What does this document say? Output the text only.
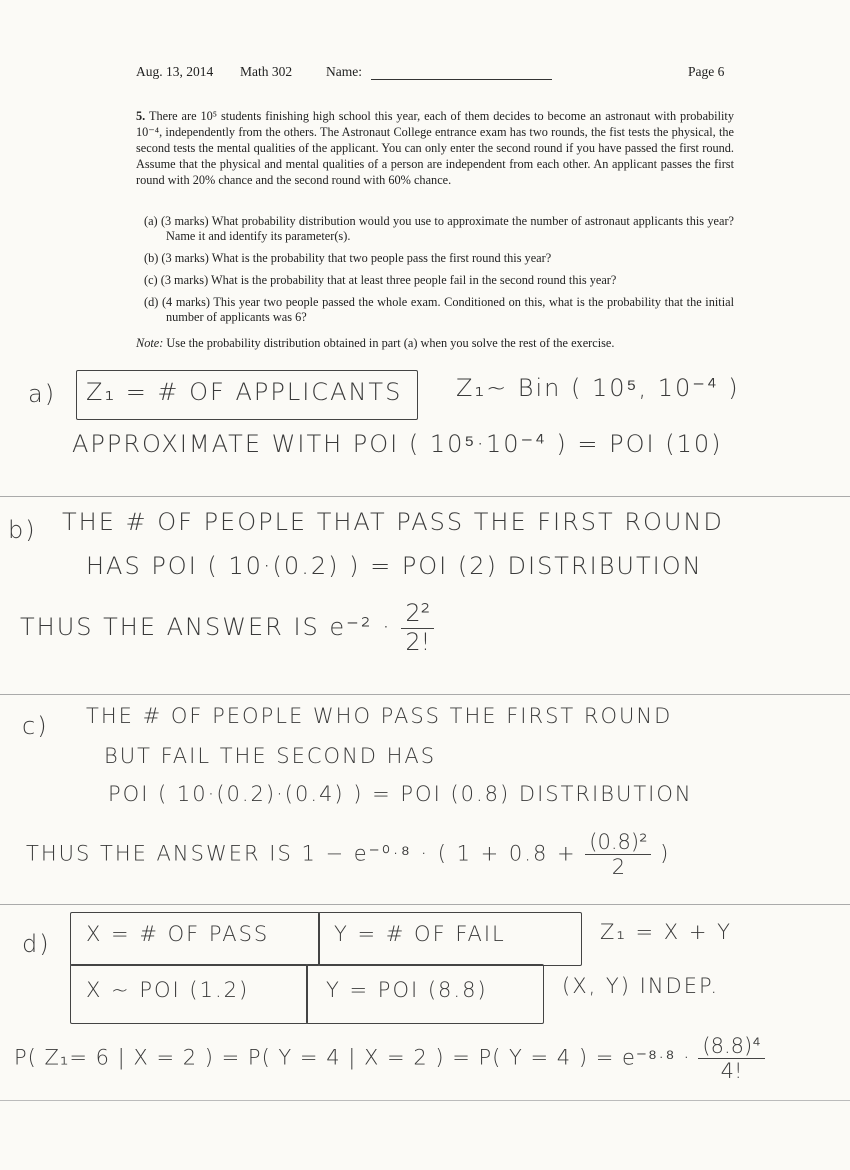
Aug. 13, 2014 Math 302	Name:	Page 6
5. There are 10⁵ students finishing high school this year, each of them decides to become an astronaut with probability 10⁻⁴, independently from the others. The Astronaut College entrance exam has two rounds, the fist tests the physical, the second tests the mental qualities of the applicant. You can only enter the second round if you have passed the first round. Assume that the physical and mental qualities of a person are independent from each other. An applicant passes the first round with 20% chance and the second round with 60% chance.
(a) (3 marks) What probability distribution would you use to approximate the number of astronaut applicants this year? Name it and identify its parameter(s).
(b) (3 marks) What is the probability that two people pass the first round this year?
(c) (3 marks) What is the probability that at least three people fail in the second round this year?
(d) (4 marks) This year two people passed the whole exam. Conditioned on this, what is the probability that the initial number of applicants was 6?
Note: Use the probability distribution obtained in part (a) when you solve the rest of the exercise.
a) Z₁ = # OF APPLICANTS Z₁~ Bin ( 10⁵, 10⁻⁴ )
APPROXIMATE WITH POI ( 10⁵·10⁻⁴ ) = POI (10)
b) THE # OF PEOPLE THAT PASS THE FIRST ROUND
HAS POI ( 10·(0.2) ) = POI (2) DISTRIBUTION
THUS THE ANSWER IS $e^{-2} \cdot \frac{\text{2²}}{2!}$
c) THE # OF PEOPLE WHO PASS THE FIRST ROUND
BUT FAIL THE SECOND HAS
POI ( 10·(0.2)·(0.4) ) = POI (0.8) DISTRIBUTION
THUS THE ANSWER IS 1 − e⁻⁰·⁸ · ( $1 + 0.8 + \frac{\text{(0.8)²}}{2}$ )
d) X = # OF PASS	Y = # OF FAIL	Z₁ = X + Y
X ~ POI (1.2)	Y = POI (8.8)	(X, Y) INDEP.
P( Z₁= 6 | X = 2 ) = P( Y = 4 | X = 2 ) = P( Y = 4 ) = $e^{-8}\cdot^8 \cdot \frac{\text{(8.8)⁴}}{4!}$
